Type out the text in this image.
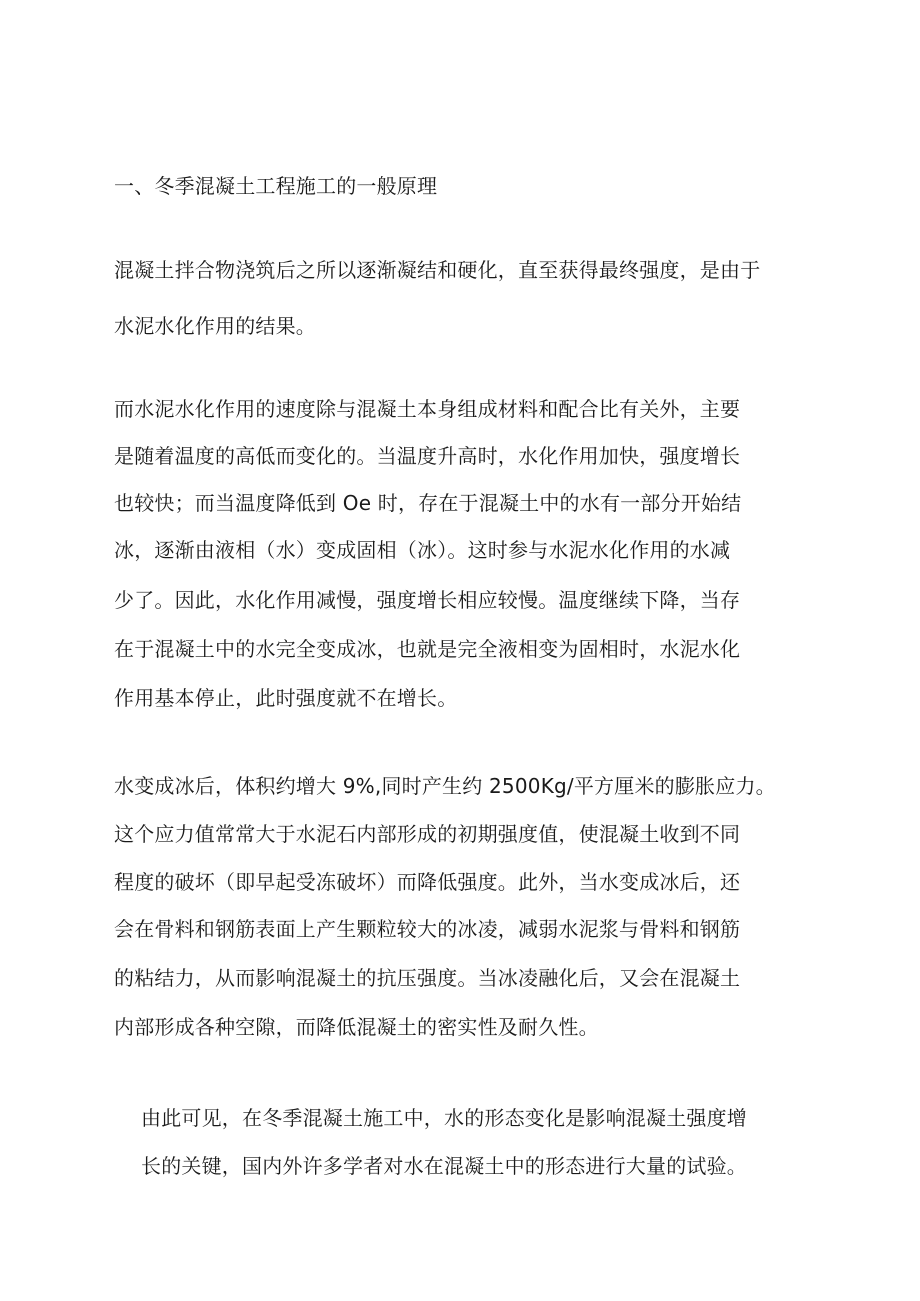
一、冬季混凝土工程施工的一般原理
混凝土拌合物浇筑后之所以逐渐凝结和硬化，直至获得最终强度，是由于
水泥水化作用的结果。
而水泥水化作用的速度除与混凝土本身组成材料和配合比有关外，主要
是随着温度的高低而变化的。当温度升高时，水化作用加快，强度增长
也较快；而当温度降低到 Oe 时，存在于混凝土中的水有一部分开始结
冰，逐渐由液相（水）变成固相（冰）。这时参与水泥水化作用的水减
少了。因此，水化作用减慢，强度增长相应较慢。温度继续下降，当存
在于混凝土中的水完全变成冰，也就是完全液相变为固相时，水泥水化
作用基本停止，此时强度就不在增长。
水变成冰后，体积约增大 9%,同时产生约 2500Kg/平方厘米的膨胀应力。
这个应力值常常大于水泥石内部形成的初期强度值，使混凝土收到不同
程度的破坏（即早起受冻破坏）而降低强度。此外，当水变成冰后，还
会在骨料和钢筋表面上产生颗粒较大的冰凌，减弱水泥浆与骨料和钢筋
的粘结力，从而影响混凝土的抗压强度。当冰凌融化后，又会在混凝土
内部形成各种空隙，而降低混凝土的密实性及耐久性。
由此可见，在冬季混凝土施工中，水的形态变化是影响混凝土强度增
长的关键，国内外许多学者对水在混凝土中的形态进行大量的试验。
